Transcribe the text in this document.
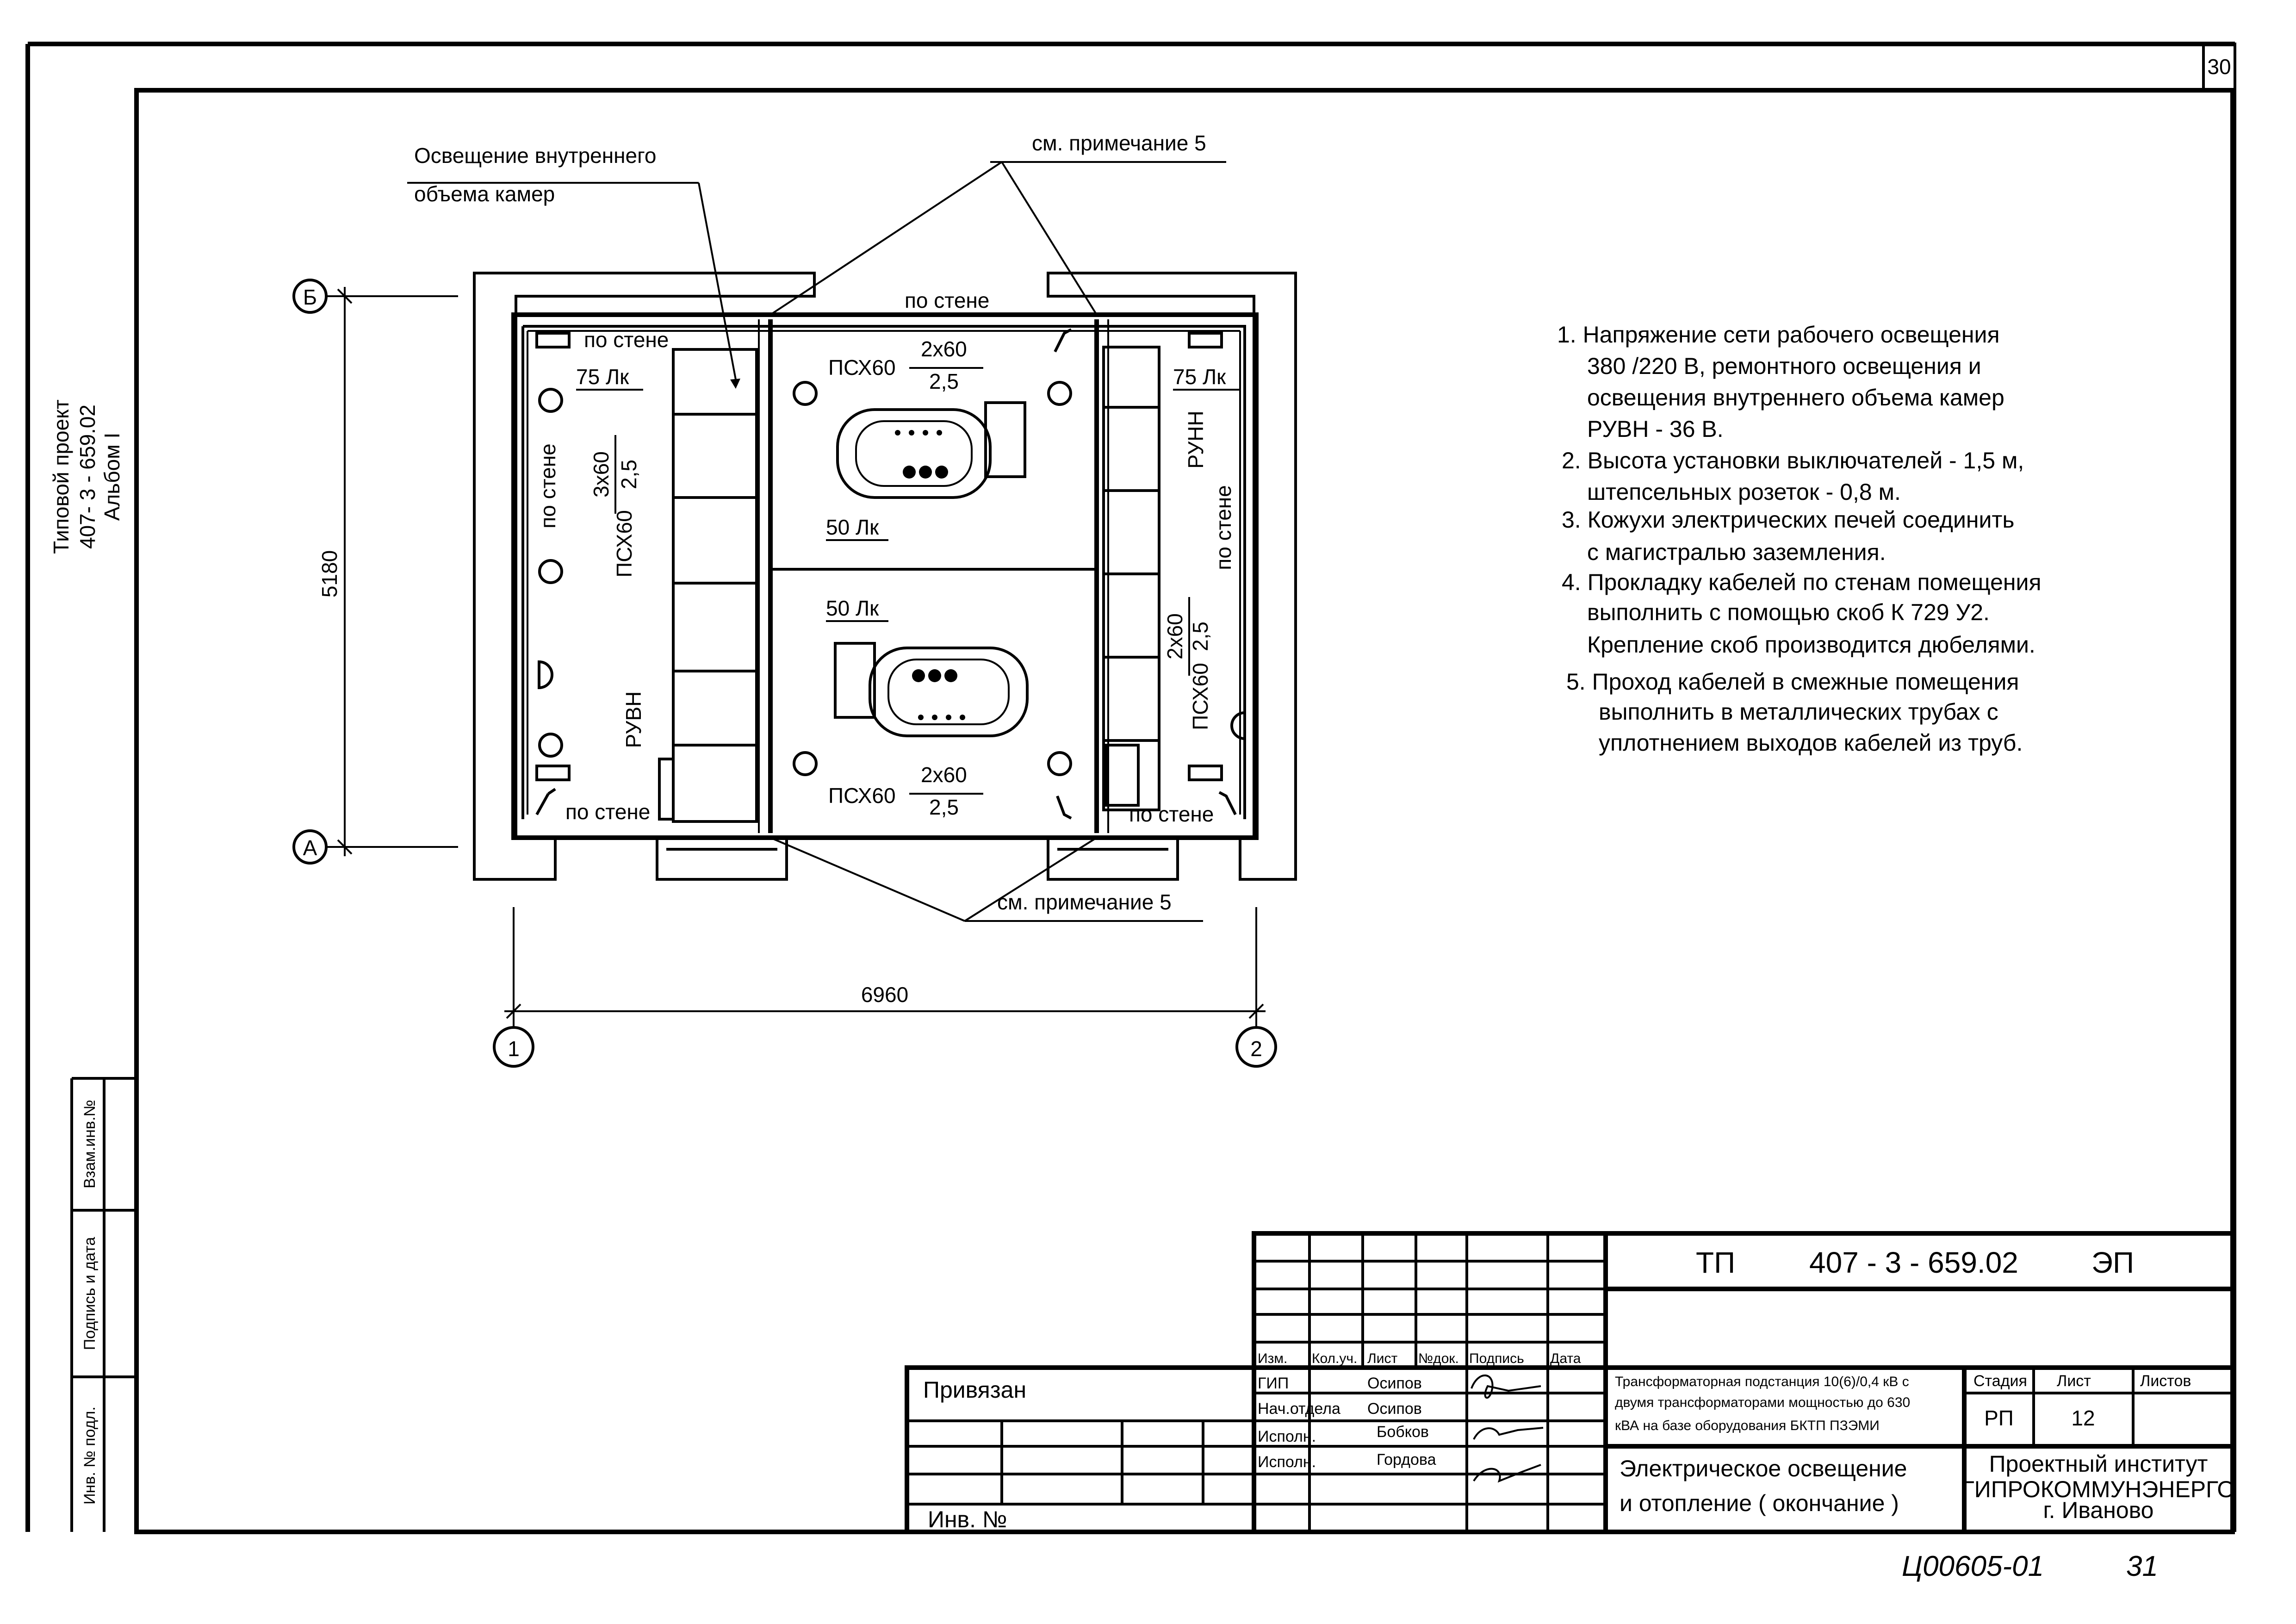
30
Типовой проект 407- 3 - 659.02 Альбом I
Инв. № подл.
Подпись и дата
Взам.инв.№
Б
А
1	2
5180
6960
Освещение внутреннего
объема камер
см. примечание 5
см. примечание 5
по стене
по стене
по стене
по стене
по стене
по стене
75 Лк	75 Лк
50 Лк
50 Лк
РУВН
РУНН
ПСХ60
3х60 2,5
ПСХ60
2х60
2,5
ПСХ60
2х60
2,5
2х60 2,5
ПСХ60
1. Напряжение сети рабочего освещения
380 /220 В, ремонтного освещения и
освещения внутреннего объема камер
РУВН - 36 В.
2. Высота установки выключателей - 1,5 м,
штепсельных розеток - 0,8 м.
3. Кожухи электрических печей соединить
с магистралью заземления.
4. Прокладку кабелей по стенам помещения
выполнить с помощью скоб К 729 У2.
Крепление скоб производится дюбелями.
5. Проход кабелей в смежные помещения
выполнить в металлических трубах с
уплотнением выходов кабелей из труб.
Привязан
Инв. №
ТП 407 - 3 - 659.02 ЭП
Изм. Кол.уч. Лист №док. Подпись Дата
ГИП	Осипов
Нач.отдела Осипов
Исполн.	Бобков
Исполн.	Гордова
Трансформаторная подстанция 10(6)/0,4 кВ с
двумя трансформаторами мощностью до 630
кВА на базе оборудования БКТП ПЗЭМИ
Электрическое освещение
и отопление ( окончание )
Стадия Лист	Листов
РП	12
Проектный институт
ГИПРОКОММУНЭНЕРГО
г. Иваново
Ц00605-01	31
